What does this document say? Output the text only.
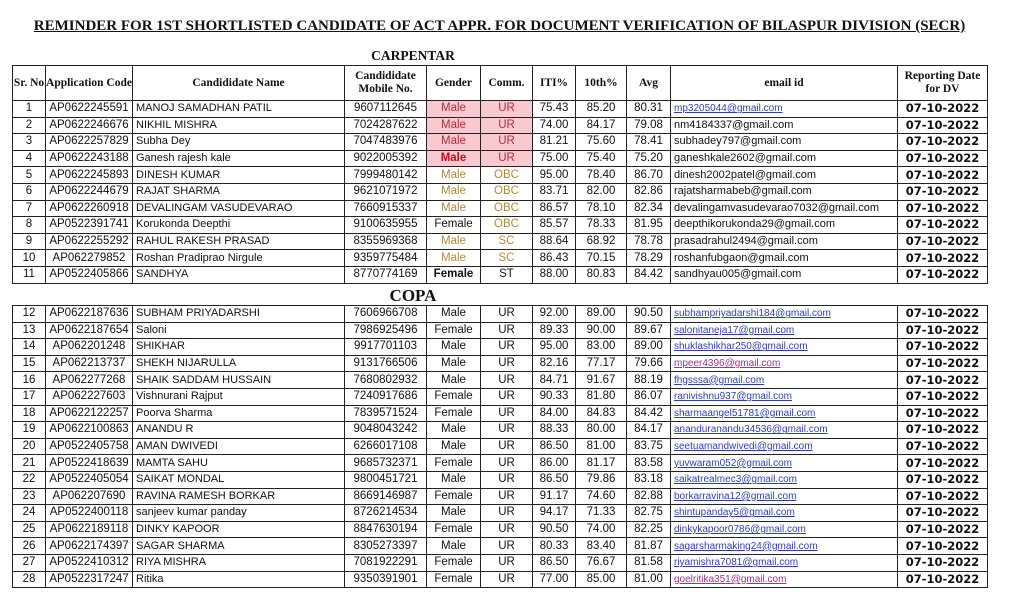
REMINDER FOR 1ST SHORTLISTED CANDIDATE OF ACT APPR. FOR DOCUMENT VERIFICATION OF BILASPUR DIVISION (SECR)
CARPENTAR
Sr. No	Application Code	Candididate Name	Candididate Mobile No.	Gender	Comm.	ITI%	10th%	Avg	email id	Reporting Date for DV
1	AP0622245591	MANOJ SAMADHAN PATIL	9607112645	Male	UR	75.43	85.20	80.31	mp3205044@gmail.com	07-10-2022
2	AP0622246676	NIKHIL MISHRA	7024287622	Male	UR	74.00	84.17	79.08	nm4184337@gmail.com	07-10-2022
3	AP0622257829	Subha Dey	7047483976	Male	UR	81.21	75.60	78.41	subhadey797@gmail.com	07-10-2022
4	AP0622243188	Ganesh rajesh kale	9022005392	Male	UR	75.00	75.40	75.20	ganeshkale2602@gmail.com	07-10-2022
5	AP0622245893	DINESH KUMAR	7999480142	Male	OBC	95.00	78.40	86.70	dinesh2002patel@gmail.com	07-10-2022
6	AP0622244679	RAJAT SHARMA	9621071972	Male	OBC	83.71	82.00	82.86	rajatsharmabeb@gmail.com	07-10-2022
7	AP0622260918	DEVALINGAM VASUDEVARAO	7660915337	Male	OBC	86.57	78.10	82.34	devalingamvasudevarao7032@gmail.com	07-10-2022
8	AP0522391741	Korukonda Deepthi	9100635955	Female	OBC	85.57	78.33	81.95	deepthikorukonda29@gmail.com	07-10-2022
9	AP0622255292	RAHUL RAKESH PRASAD	8355969368	Male	SC	88.64	68.92	78.78	prasadrahul2494@gmail.com	07-10-2022
10	AP062279852	Roshan Pradiprao Nirgule	9359775484	Male	SC	86.43	70.15	78.29	roshanfubgaon@gmail.com	07-10-2022
11	AP0522405866	SANDHYA	8770774169	Female	ST	88.00	80.83	84.42	sandhyau005@gmail.com	07-10-2022
COPA
12	AP0622187636	SUBHAM PRIYADARSHI	7606966708	Male	UR	92.00	89.00	90.50	subhampriyadarshi184@gmail.com	07-10-2022
13	AP0622187654	Saloni	7986925496	Female	UR	89.33	90.00	89.67	salonitaneja17@gmail.com	07-10-2022
14	AP062201248	SHIKHAR	9917701103	Male	UR	95.00	83.00	89.00	shuklashikhar250@gmail.com	07-10-2022
15	AP062213737	SHEKH NIJARULLA	9131766506	Male	UR	82.16	77.17	79.66	mpeer4396@gmail.com	07-10-2022
16	AP062277268	SHAIK SADDAM HUSSAIN	7680802932	Male	UR	84.71	91.67	88.19	fhgsssa@gmail.com	07-10-2022
17	AP062227603	Vishnurani Rajput	7240917686	Female	UR	90.33	81.80	86.07	ranivishnu937@gmail.com	07-10-2022
18	AP0622122257	Poorva Sharma	7839571524	Female	UR	84.00	84.83	84.42	sharmaangel51781@gmail.com	07-10-2022
19	AP0622100863	ANANDU R	9048043242	Male	UR	88.33	80.00	84.17	ananduranandu34536@gmail.com	07-10-2022
20	AP0522405758	AMAN DWIVEDI	6266017108	Male	UR	86.50	81.00	83.75	seetuamandwivedi@gmail.com	07-10-2022
21	AP0522418639	MAMTA SAHU	9685732371	Female	UR	86.00	81.17	83.58	yuvwaram052@gmail.com	07-10-2022
22	AP0522405054	SAIKAT MONDAL	9800451721	Male	UR	86.50	79.86	83.18	saikatrealmec3@gmail.com	07-10-2022
23	AP062207690	RAVINA RAMESH BORKAR	8669146987	Female	UR	91.17	74.60	82.88	borkarravina12@gmail.com	07-10-2022
24	AP0522400118	sanjeev kumar panday	8726214534	Male	UR	94.17	71.33	82.75	shintupanday5@gmail.com	07-10-2022
25	AP0622189118	DINKY KAPOOR	8847630194	Female	UR	90.50	74.00	82.25	dinkykapoor0786@gmail.com	07-10-2022
26	AP0622174397	SAGAR SHARMA	8305273397	Male	UR	80.33	83.40	81.87	sagarsharmaking24@gmail.com	07-10-2022
27	AP0522410312	RIYA MISHRA	7081922291	Female	UR	86.50	76.67	81.58	riyamishra7081@gmail.com	07-10-2022
28	AP0522317247	Ritika	9350391901	Female	UR	77.00	85.00	81.00	goelritika351@gmail.com	07-10-2022
